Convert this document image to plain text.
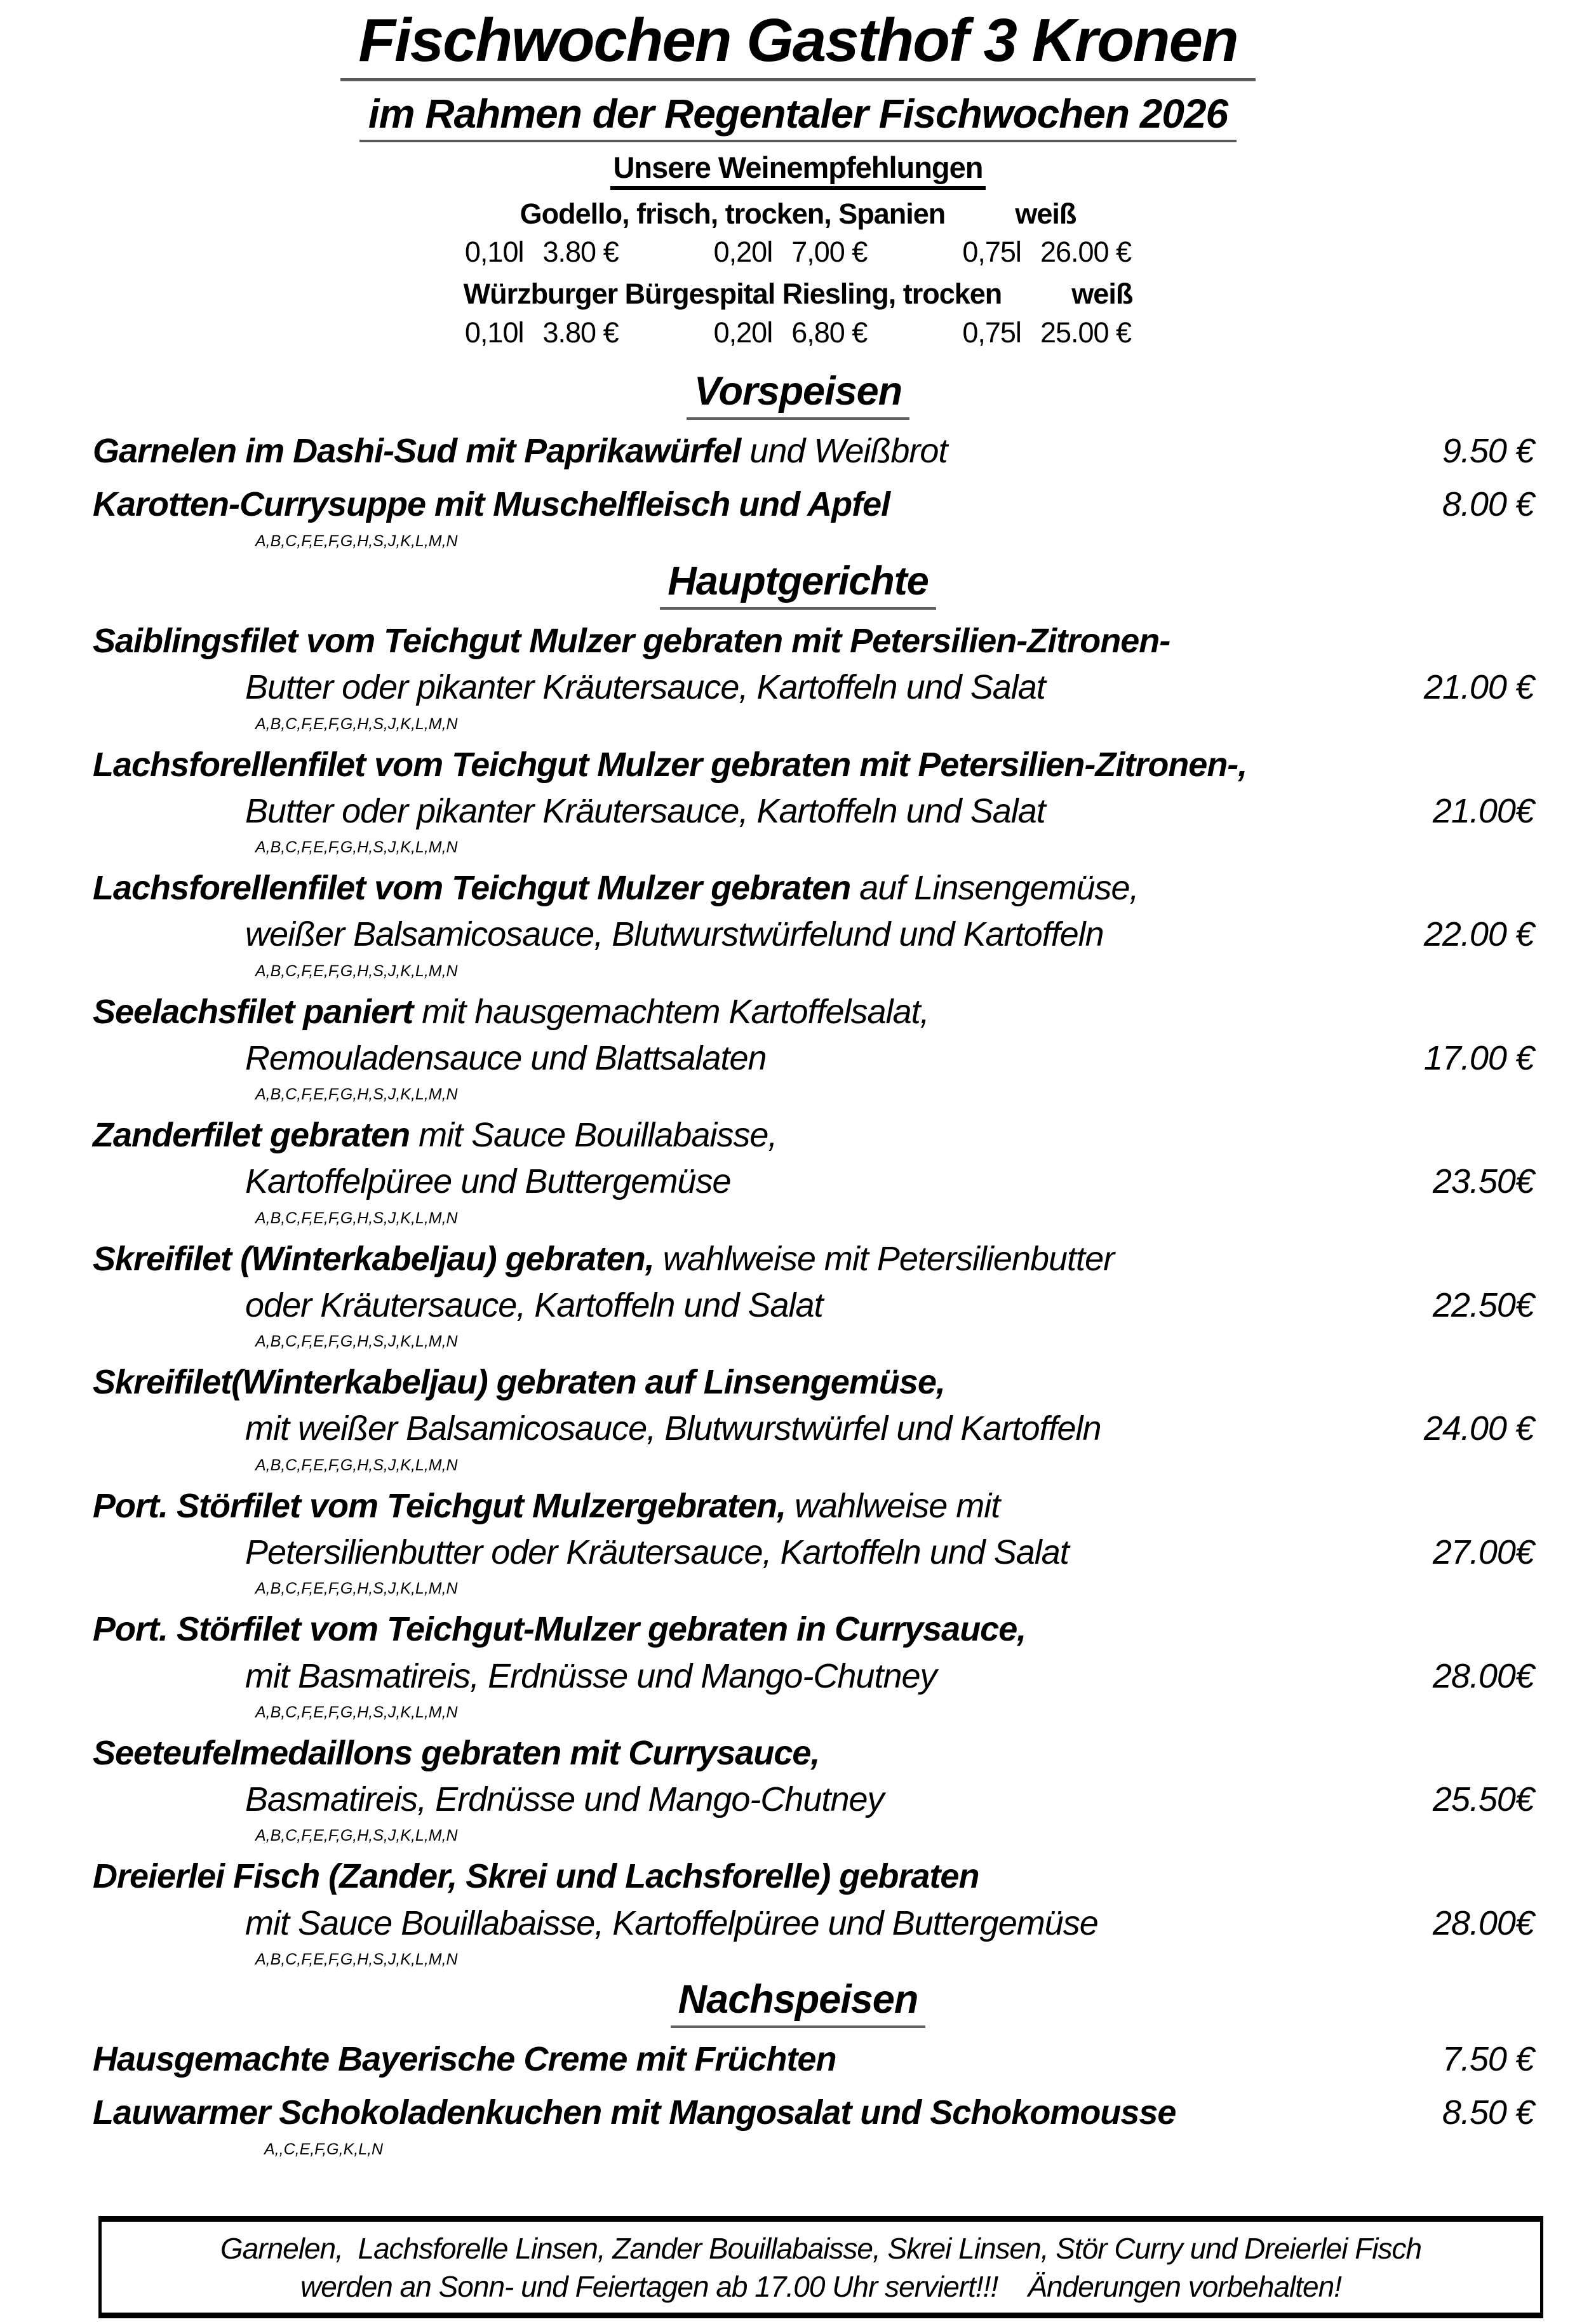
Fischwochen Gasthof 3 Kronen
im Rahmen der Regentaler Fischwochen 2026
Unsere Weinempfehlungen
Godello, frisch, trocken, Spanien weiß
0,10l 3.80 €	0,20l 7,00 €	0,75l 26.00 €
Würzburger Bürgespital Riesling, trocken weiß
0,10l 3.80 €	0,20l 6,80 €	0,75l 25.00 €
Vorspeisen
Garnelen im Dashi-Sud mit Paprikawürfel und Weißbrot	9.50 €
Karotten-Currysuppe mit Muschelfleisch und Apfel	8.00 €
A,B,C,F,E,F,G,H,S,J,K,L,M,N
Hauptgerichte
Saiblingsfilet vom Teichgut Mulzer gebraten mit Petersilien-Zitronen-
Butter oder pikanter Kräutersauce, Kartoffeln und Salat	21.00 €
A,B,C,F,E,F,G,H,S,J,K,L,M,N
Lachsforellenfilet vom Teichgut Mulzer gebraten mit Petersilien-Zitronen-,
Butter oder pikanter Kräutersauce, Kartoffeln und Salat	21.00€
A,B,C,F,E,F,G,H,S,J,K,L,M,N
Lachsforellenfilet vom Teichgut Mulzer gebraten auf Linsengemüse,
weißer Balsamicosauce, Blutwurstwürfelund und Kartoffeln	22.00 €
A,B,C,F,E,F,G,H,S,J,K,L,M,N
Seelachsfilet paniert mit hausgemachtem Kartoffelsalat,
Remouladensauce und Blattsalaten	17.00 €
A,B,C,F,E,F,G,H,S,J,K,L,M,N
Zanderfilet gebraten mit Sauce Bouillabaisse,
Kartoffelpüree und Buttergemüse	23.50€
A,B,C,F,E,F,G,H,S,J,K,L,M,N
Skreifilet (Winterkabeljau) gebraten, wahlweise mit Petersilienbutter
oder Kräutersauce, Kartoffeln und Salat	22.50€
A,B,C,F,E,F,G,H,S,J,K,L,M,N
Skreifilet(Winterkabeljau) gebraten auf Linsengemüse,
mit weißer Balsamicosauce, Blutwurstwürfel und Kartoffeln	24.00 €
A,B,C,F,E,F,G,H,S,J,K,L,M,N
Port. Störfilet vom Teichgut Mulzergebraten, wahlweise mit
Petersilienbutter oder Kräutersauce, Kartoffeln und Salat	27.00€
A,B,C,F,E,F,G,H,S,J,K,L,M,N
Port. Störfilet vom Teichgut-Mulzer gebraten in Currysauce,
mit Basmatireis, Erdnüsse und Mango-Chutney	28.00€
A,B,C,F,E,F,G,H,S,J,K,L,M,N
Seeteufelmedaillons gebraten mit Currysauce,
Basmatireis, Erdnüsse und Mango-Chutney	25.50€
A,B,C,F,E,F,G,H,S,J,K,L,M,N
Dreierlei Fisch (Zander, Skrei und Lachsforelle) gebraten
mit Sauce Bouillabaisse, Kartoffelpüree und Buttergemüse	28.00€
A,B,C,F,E,F,G,H,S,J,K,L,M,N
Nachspeisen
Hausgemachte Bayerische Creme mit Früchten	7.50 €
Lauwarmer Schokoladenkuchen mit Mangosalat und Schokomousse	8.50 €
A,,C,E,F,G,K,L,N
Garnelen,  Lachsforelle Linsen, Zander Bouillabaisse, Skrei Linsen, Stör Curry und Dreierlei Fisch
werden an Sonn- und Feiertagen ab 17.00 Uhr serviert!!!    Änderungen vorbehalten!
